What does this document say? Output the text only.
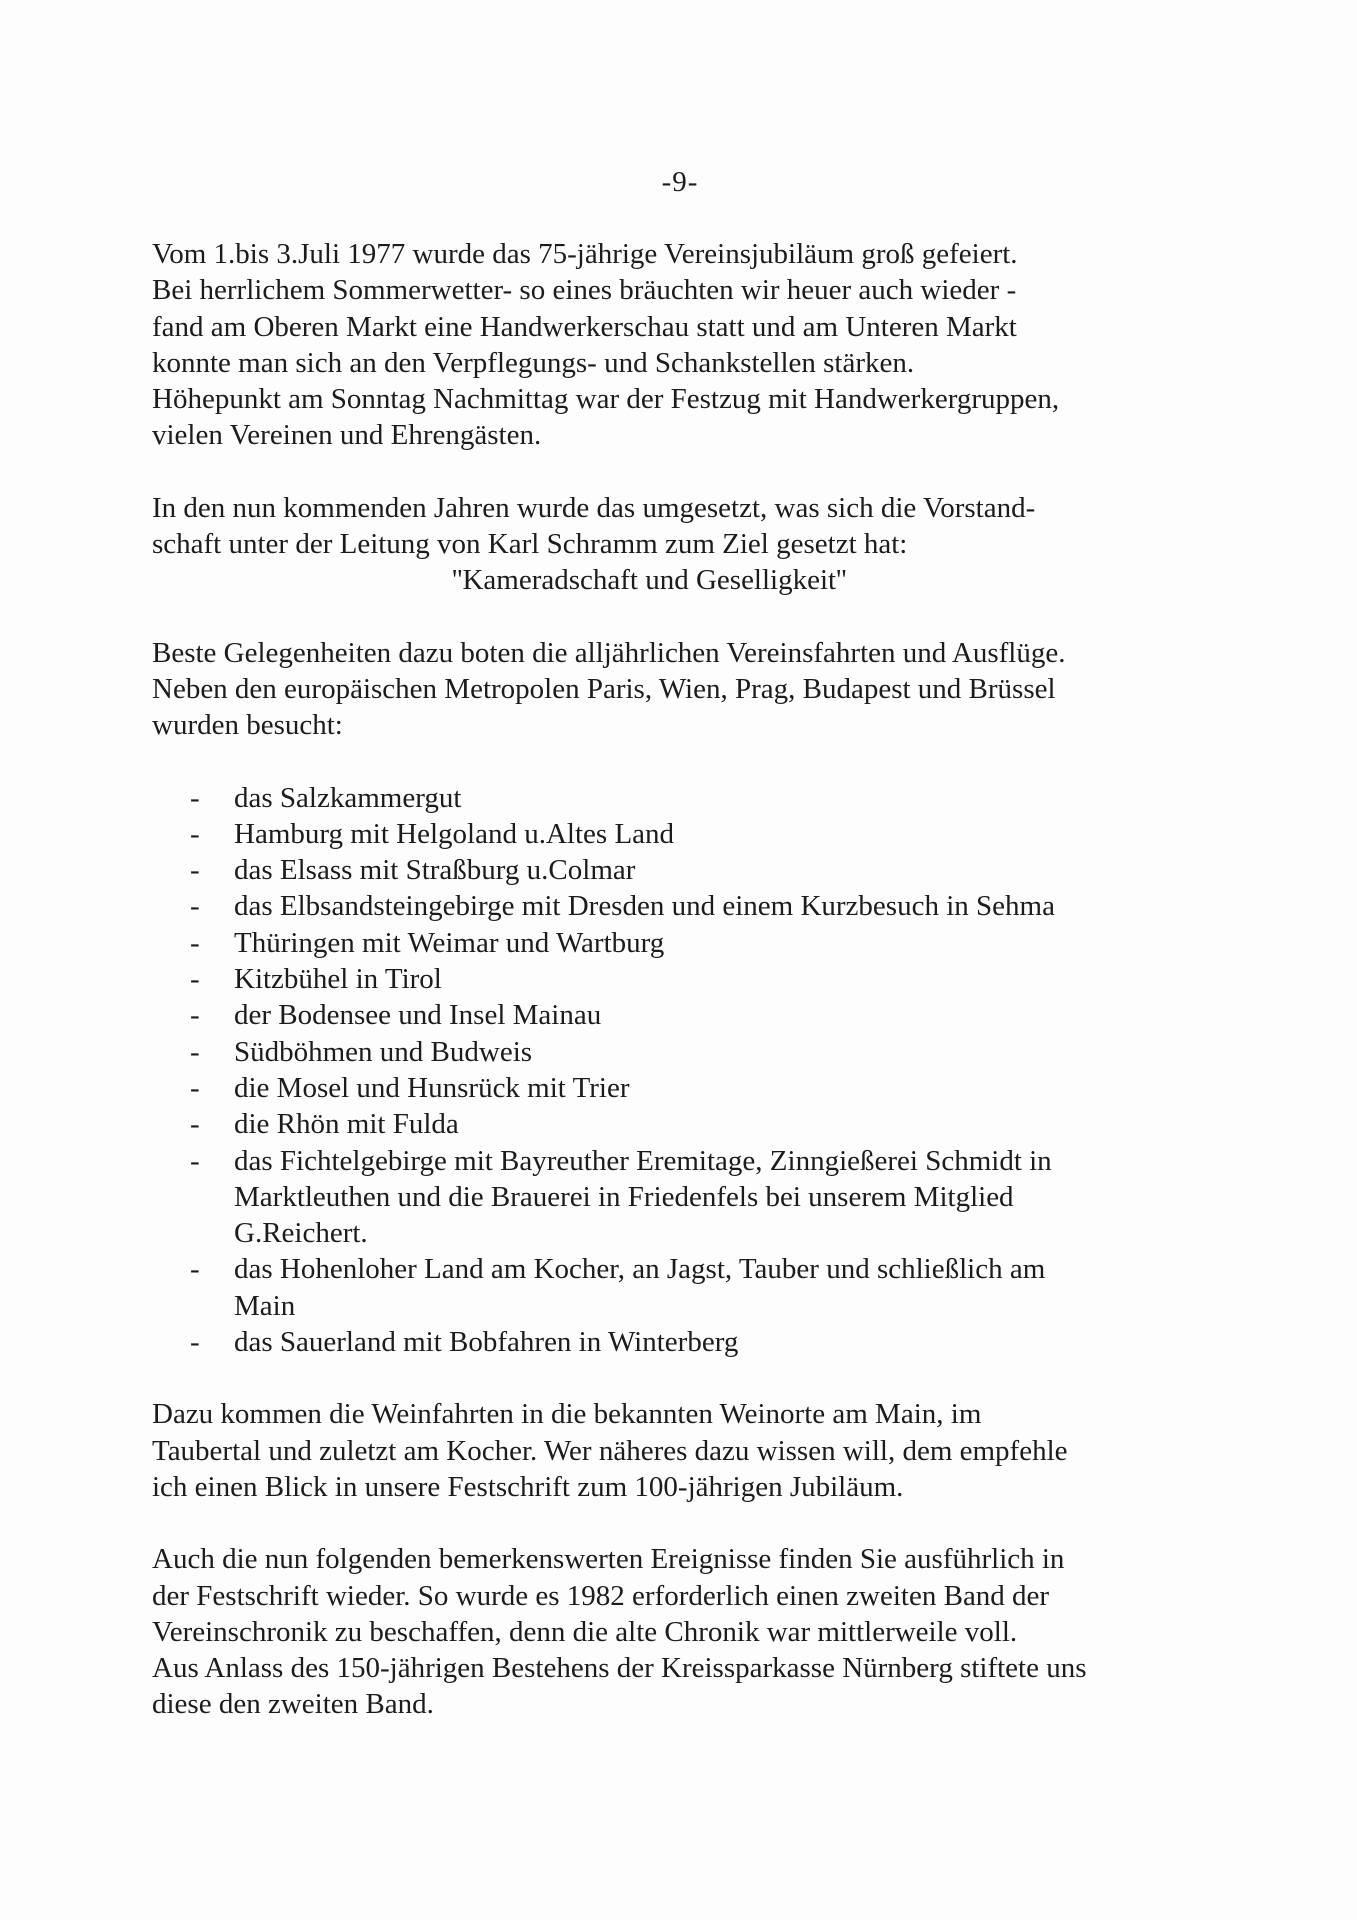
-9-

Vom 1.bis 3.Juli 1977 wurde das 75-jährige Vereinsjubiläum groß gefeiert.
Bei herrlichem Sommerwetter- so eines bräuchten wir heuer auch wieder -
fand am Oberen Markt eine Handwerkerschau statt und am Unteren Markt
konnte man sich an den Verpflegungs- und Schankstellen stärken.
Höhepunkt am Sonntag Nachmittag war der Festzug mit Handwerkergruppen,
vielen Vereinen und Ehrengästen.

In den nun kommenden Jahren wurde das umgesetzt, was sich die Vorstand-
schaft unter der Leitung von Karl Schramm zum Ziel gesetzt hat:
''Kameradschaft und Geselligkeit''

Beste Gelegenheiten dazu boten die alljährlichen Vereinsfahrten und Ausflüge.
Neben den europäischen Metropolen Paris, Wien, Prag, Budapest und Brüssel
wurden besucht:

- das Salzkammergut
- Hamburg mit Helgoland u.Altes Land
- das Elsass mit Straßburg u.Colmar
- das Elbsandsteingebirge mit Dresden und einem Kurzbesuch in Sehma
- Thüringen mit Weimar und Wartburg
- Kitzbühel in Tirol
- der Bodensee und Insel Mainau
- Südböhmen und Budweis
- die Mosel und Hunsrück mit Trier
- die Rhön mit Fulda
- das Fichtelgebirge mit Bayreuther Eremitage, Zinngießerei Schmidt in
Marktleuthen und die Brauerei in Friedenfels bei unserem Mitglied
G.Reichert.
- das Hohenloher Land am Kocher, an Jagst, Tauber und schließlich am
Main
- das Sauerland mit Bobfahren in Winterberg

Dazu kommen die Weinfahrten in die bekannten Weinorte am Main, im
Taubertal und zuletzt am Kocher. Wer näheres dazu wissen will, dem empfehle
ich einen Blick in unsere Festschrift zum 100-jährigen Jubiläum.

Auch die nun folgenden bemerkenswerten Ereignisse finden Sie ausführlich in
der Festschrift wieder. So wurde es 1982 erforderlich einen zweiten Band der
Vereinschronik zu beschaffen, denn die alte Chronik war mittlerweile voll.
Aus Anlass des 150-jährigen Bestehens der Kreissparkasse Nürnberg stiftete uns
diese den zweiten Band.
